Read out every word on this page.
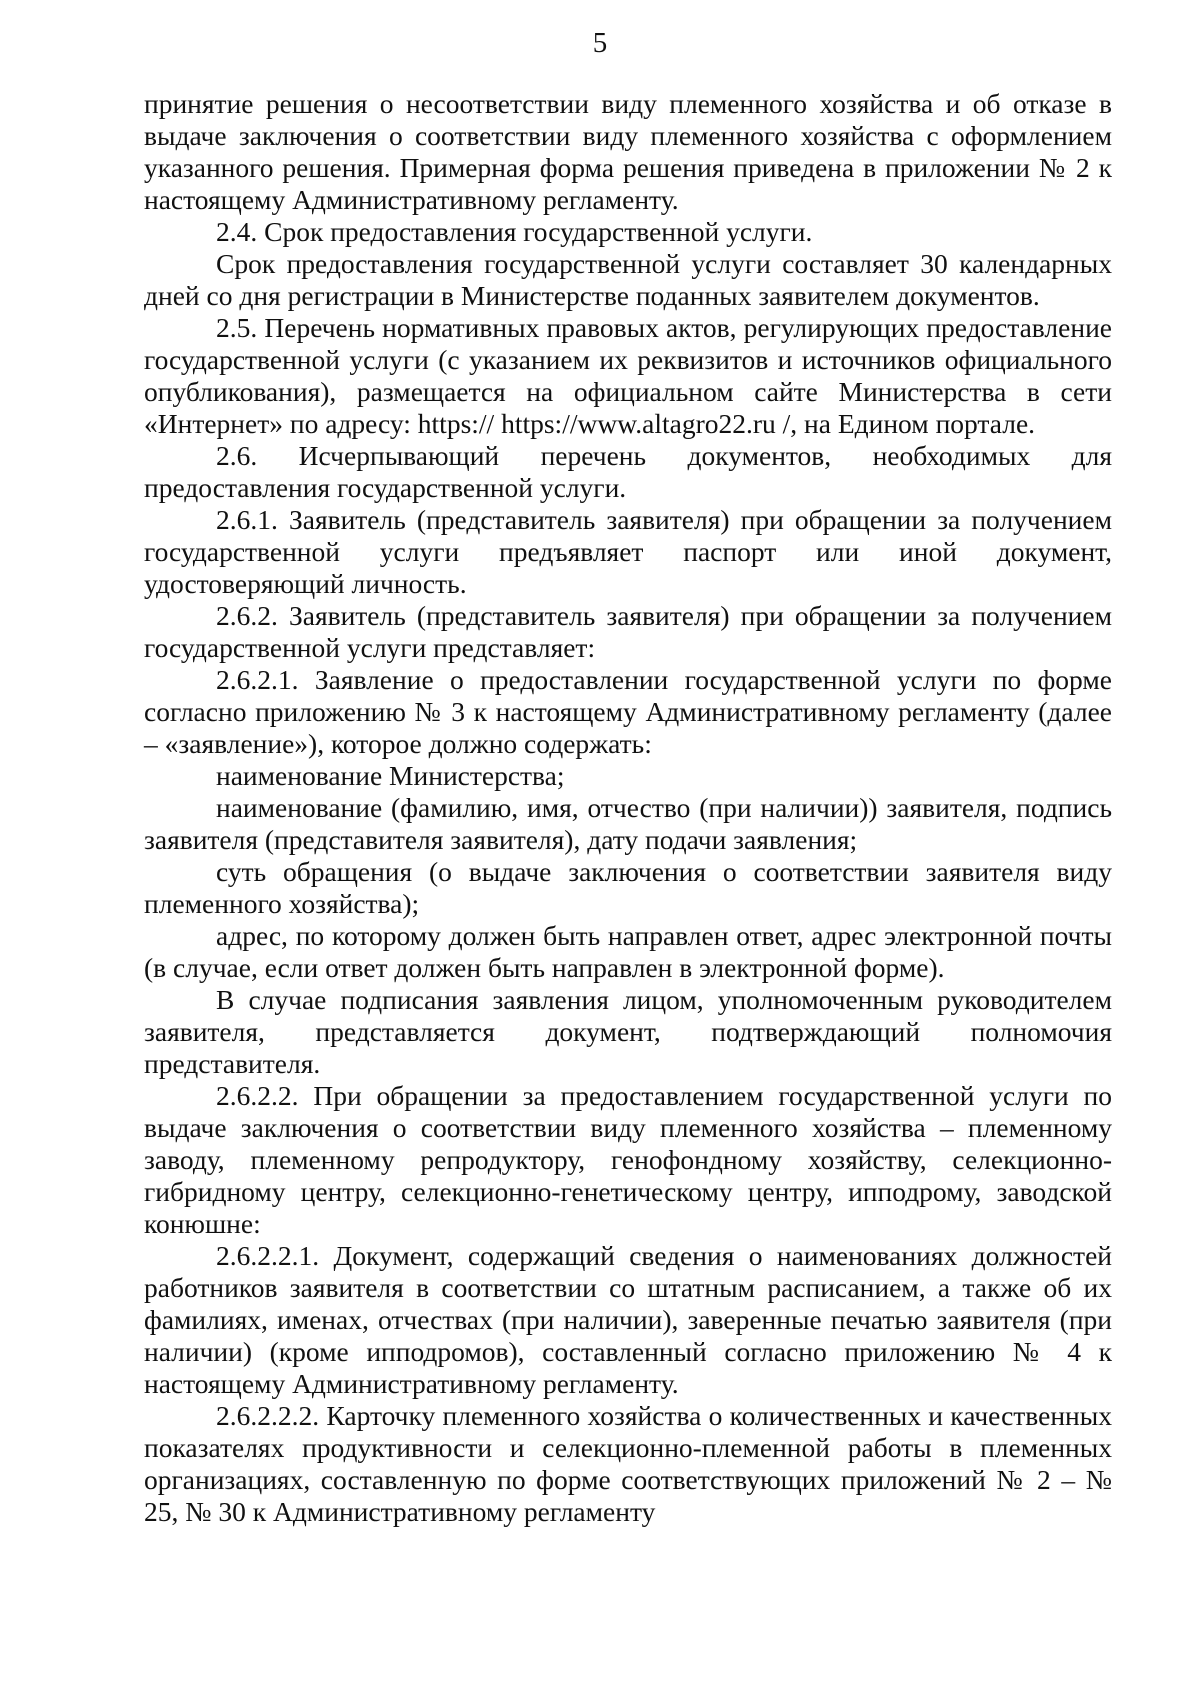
5

принятие решения о несоответствии виду племенного хозяйства и об отказе в выдаче заключения о соответствии виду племенного хозяйства с оформлением указанного решения. Примерная форма решения приведена в приложении № 2 к настоящему Административному регламенту.

2.4. Срок предоставления государственной услуги.

Срок предоставления государственной услуги составляет 30 календарных дней со дня регистрации в Министерстве поданных заявителем документов.

2.5. Перечень нормативных правовых актов, регулирующих предоставление государственной услуги (с указанием их реквизитов и источников официального опубликования), размещается на официальном сайте Министерства в сети «Интернет» по адресу: https:// https://www.altagro22.ru /, на Едином портале.

2.6. Исчерпывающий перечень документов, необходимых для предоставления государственной услуги.

2.6.1. Заявитель (представитель заявителя) при обращении за получением государственной услуги предъявляет паспорт или иной документ, удостоверяющий личность.

2.6.2. Заявитель (представитель заявителя) при обращении за получением государственной услуги представляет:

2.6.2.1. Заявление о предоставлении государственной услуги по форме согласно приложению № 3 к настоящему Административному регламенту (далее – «заявление»), которое должно содержать:

наименование Министерства;

наименование (фамилию, имя, отчество (при наличии)) заявителя, подпись заявителя (представителя заявителя), дату подачи заявления;

суть обращения (о выдаче заключения о соответствии заявителя виду племенного хозяйства);

адрес, по которому должен быть направлен ответ, адрес электронной почты (в случае, если ответ должен быть направлен в электронной форме).

В случае подписания заявления лицом, уполномоченным руководителем заявителя, представляется документ, подтверждающий полномочия представителя.

2.6.2.2. При обращении за предоставлением государственной услуги по выдаче заключения о соответствии виду племенного хозяйства – племенному заводу, племенному репродуктору, генофондному хозяйству, селекционно-гибридному центру, селекционно-генетическому центру, ипподрому, заводской конюшне:

2.6.2.2.1. Документ, содержащий сведения о наименованиях должностей работников заявителя в соответствии со штатным расписанием, а также об их фамилиях, именах, отчествах (при наличии), заверенные печатью заявителя (при наличии) (кроме ипподромов), составленный согласно приложению № 4 к настоящему Административному регламенту.

2.6.2.2.2. Карточку племенного хозяйства о количественных и качественных показателях продуктивности и селекционно-племенной работы в племенных организациях, составленную по форме соответствующих приложений № 2 – № 25, № 30 к Административному регламенту
